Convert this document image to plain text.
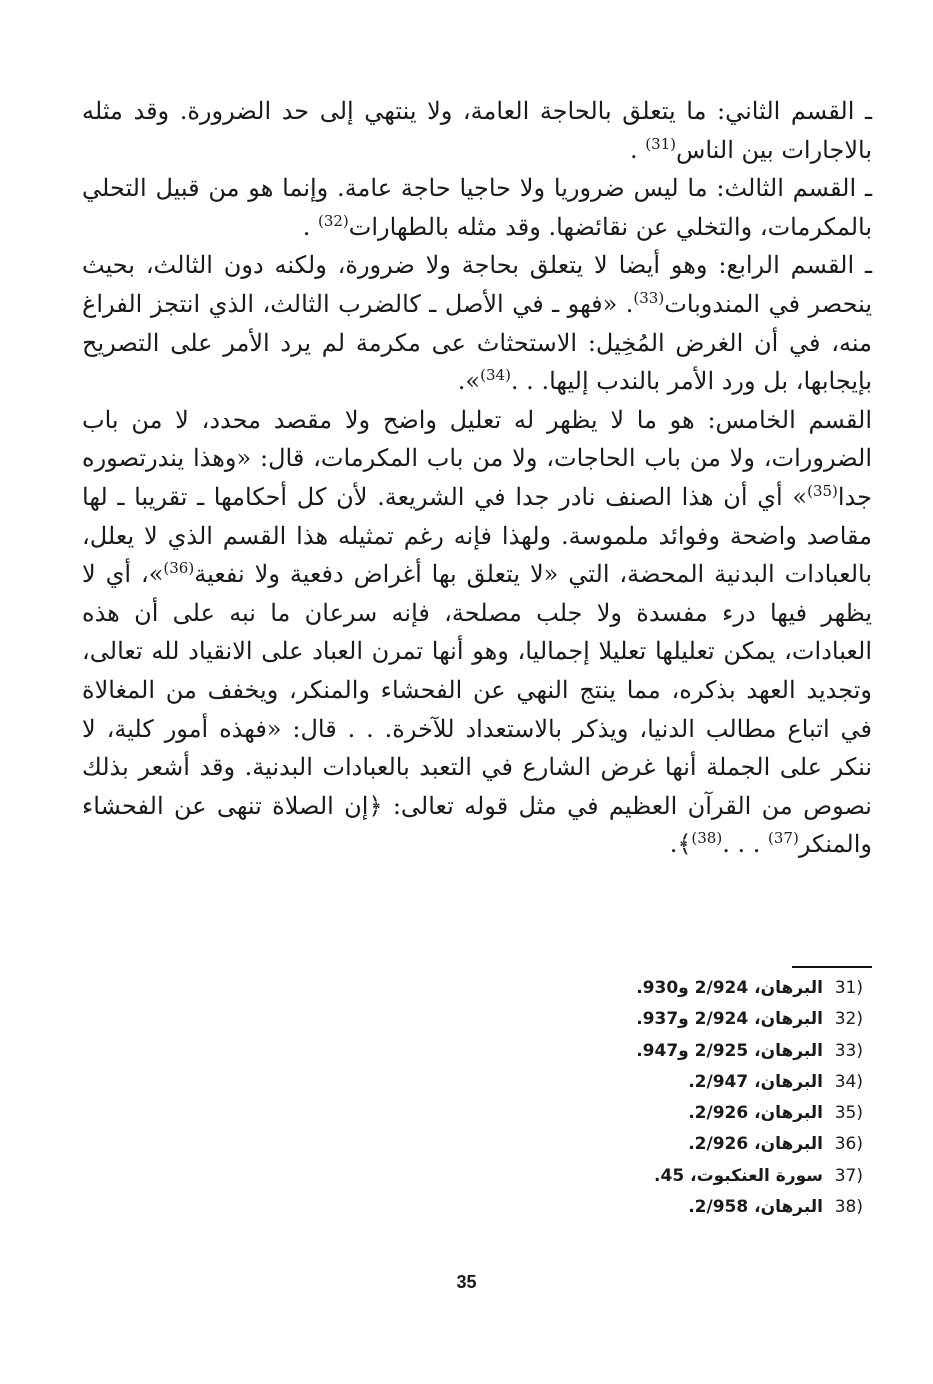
ـ القسم الثاني: ما يتعلق بالحاجة العامة، ولا ينتهي إلى حد الضرورة. وقد مثله بالاجارات بين الناس$^{(31)}$ .

ـ القسم الثالث: ما ليس ضروريا ولا حاجيا حاجة عامة. وإنما هو من قبيل التحلي بالمكرمات، والتخلي عن نقائضها. وقد مثله بالطهارات$^{(32)}$ .

ـ القسم الرابع: وهو أيضا لا يتعلق بحاجة ولا ضرورة، ولكنه دون الثالث، بحيث ينحصر في المندوبات$^{(33)}$. «فهو ـ في الأصل ـ كالضرب الثالث، الذي انتجز الفراغ منه، في أن الغرض المُخِيل: الاستحثاث عى مكرمة لم يرد الأمر على التصريح بإيجابها، بل ورد الأمر بالندب إليها. . .$^{(34)}$».

القسم الخامس: هو ما لا يظهر له تعليل واضح ولا مقصد محدد، لا من باب الضرورات، ولا من باب الحاجات، ولا من باب المكرمات، قال: «وهذا يندرتصوره جدا$^{(35)}$» أي أن هذا الصنف نادر جدا في الشريعة. لأن كل أحكامها ـ تقريبا ـ لها مقاصد واضحة وفوائد ملموسة. ولهذا فإنه رغم تمثيله هذا القسم الذي لا يعلل، بالعبادات البدنية المحضة، التي «لا يتعلق بها أغراض دفعية ولا نفعية$^{(36)}$»، أي لا يظهر فيها درء مفسدة ولا جلب مصلحة، فإنه سرعان ما نبه على أن هذه العبادات، يمكن تعليلها تعليلا إجماليا، وهو أنها تمرن العباد على الانقياد لله تعالى، وتجديد العهد بذكره، مما ينتج النهي عن الفحشاء والمنكر، ويخفف من المغالاة في اتباع مطالب الدنيا، ويذكر بالاستعداد للآخرة. . . قال: «فهذه أمور كلية، لا ننكر على الجملة أنها غرض الشارع في التعبد بالعبادات البدنية. وقد أشعر بذلك نصوص من القرآن العظيم في مثل قوله تعالى: ﴿إن الصلاة تنهى عن الفحشاء والمنكر$^{(37)}$ . . .$^{(38)}$﴾.

31)البرهان، 2/924 و930.
32)البرهان، 2/924 و937.
33)البرهان، 2/925 و947.
34)البرهان، 2/947.
35)البرهان، 2/926.
36)البرهان، 2/926.
37)سورة العنكبوت، 45.
38)البرهان، 2/958.
35
